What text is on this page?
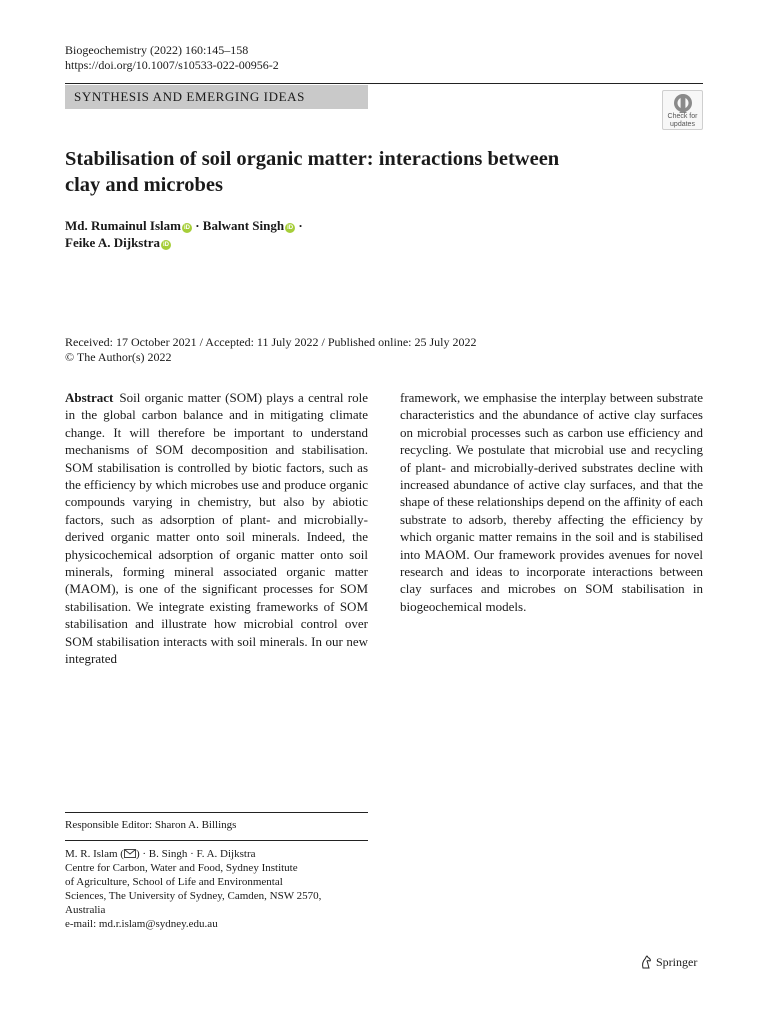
Biogeochemistry (2022) 160:145–158
https://doi.org/10.1007/s10533-022-00956-2
SYNTHESIS AND EMERGING IDEAS
Check for
updates
Stabilisation of soil organic matter: interactions between clay and microbes
Md. Rumainul Islam iD · Balwant Singh iD ·
Feike A. Dijkstra iD
Received: 17 October 2021 / Accepted: 11 July 2022 / Published online: 25 July 2022
© The Author(s) 2022
Abstract Soil organic matter (SOM) plays a central role in the global carbon balance and in mitigating climate change. It will therefore be important to understand mechanisms of SOM decomposition and stabilisation. SOM stabilisation is controlled by biotic factors, such as the efficiency by which microbes use and produce organic compounds varying in chemistry, but also by abiotic factors, such as adsorption of plant- and microbially-derived organic matter onto soil minerals. Indeed, the physicochemical adsorption of organic matter onto soil minerals, forming mineral associated organic matter (MAOM), is one of the significant processes for SOM stabilisation. We integrate existing frameworks of SOM stabilisation and illustrate how microbial control over SOM stabilisation interacts with soil minerals. In our new integrated
framework, we emphasise the interplay between substrate characteristics and the abundance of active clay surfaces on microbial processes such as carbon use efficiency and recycling. We postulate that microbial use and recycling of plant- and microbially-derived substrates decline with increased abundance of active clay surfaces, and that the shape of these relationships depend on the affinity of each substrate to adsorb, thereby affecting the efficiency by which organic matter remains in the soil and is stabilised into MAOM. Our framework provides avenues for novel research and ideas to incorporate interactions between clay surfaces and microbes on SOM stabilisation in biogeochemical models.
Responsible Editor: Sharon A. Billings
M. R. Islam ( ) · B. Singh · F. A. Dijkstra
Centre for Carbon, Water and Food, Sydney Institute
of Agriculture, School of Life and Environmental
Sciences, The University of Sydney, Camden, NSW 2570,
Australia
e-mail: md.r.islam@sydney.edu.au
Springer
